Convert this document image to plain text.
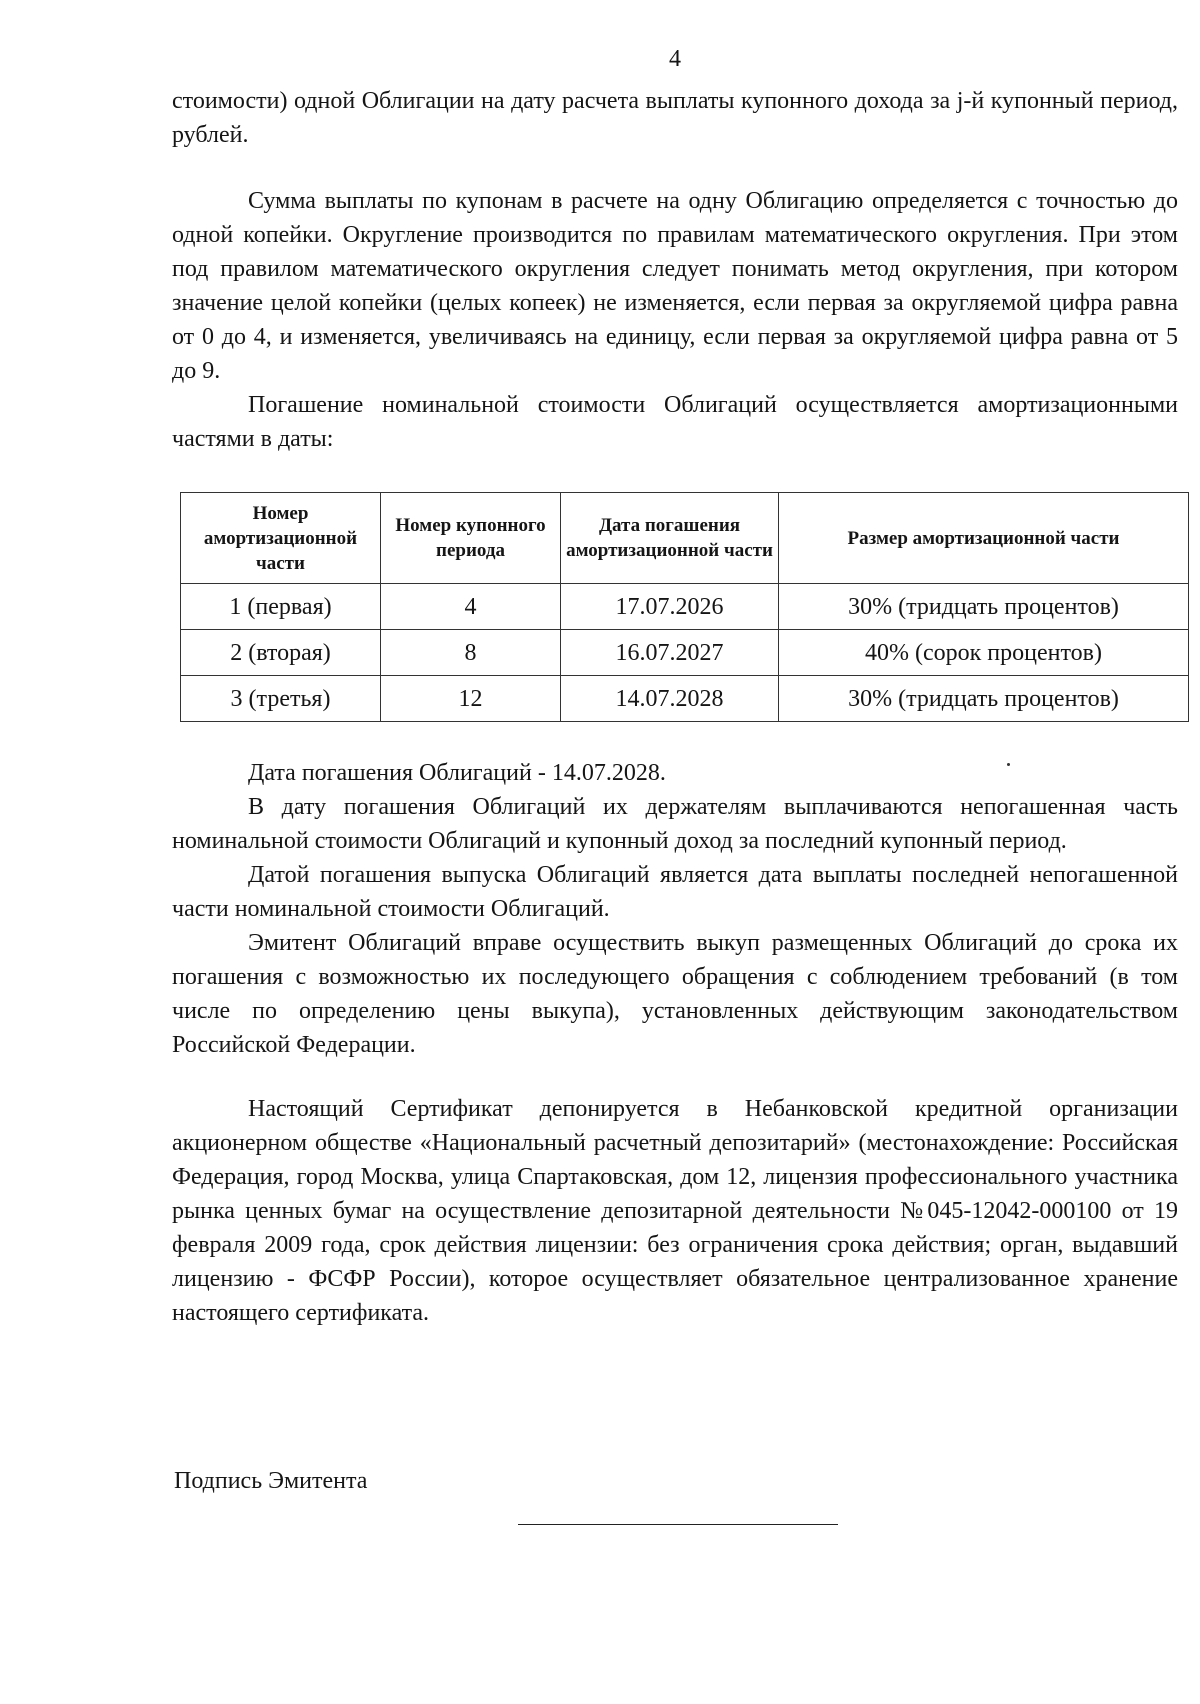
4

стоимости) одной Облигации на дату расчета выплаты купонного дохода за j-й купонный период, рублей.

Сумма выплаты по купонам в расчете на одну Облигацию определяется с точностью до одной копейки. Округление производится по правилам математического округления. При этом под правилом математического округления следует понимать метод округления, при котором значение целой копейки (целых копеек) не изменяется, если первая за округляемой цифра равна от 0 до 4, и изменяется, увеличиваясь на единицу, если первая за округляемой цифра равна от 5 до 9.

Погашение номинальной стоимости Облигаций осуществляется амортизационными частями в даты:

Номер амортизационной части	Номер купонного периода	Дата погашения амортизационной части	Размер амортизационной части
1 (первая)	4	17.07.2026	30% (тридцать процентов)
2 (вторая)	8	16.07.2027	40% (сорок процентов)
3 (третья)	12	14.07.2028	30% (тридцать процентов)

Дата погашения Облигаций - 14.07.2028.

В дату погашения Облигаций их держателям выплачиваются непогашенная часть номинальной стоимости Облигаций и купонный доход за последний купонный период.

Датой погашения выпуска Облигаций является дата выплаты последней непогашенной части номинальной стоимости Облигаций.

Эмитент Облигаций вправе осуществить выкуп размещенных Облигаций до срока их погашения с возможностью их последующего обращения с соблюдением требований (в том числе по определению цены выкупа), установленных действующим законодательством Российской Федерации.

Настоящий Сертификат депонируется в Небанковской кредитной организации акционерном обществе «Национальный расчетный депозитарий» (местонахождение: Российская Федерация, город Москва, улица Спартаковская, дом 12, лицензия профессионального участника рынка ценных бумаг на осуществление депозитарной деятельности №045-12042-000100 от 19 февраля 2009 года, срок действия лицензии: без ограничения срока действия; орган, выдавший лицензию - ФСФР России), которое осуществляет обязательное централизованное хранение настоящего сертификата.

Подпись Эмитента
